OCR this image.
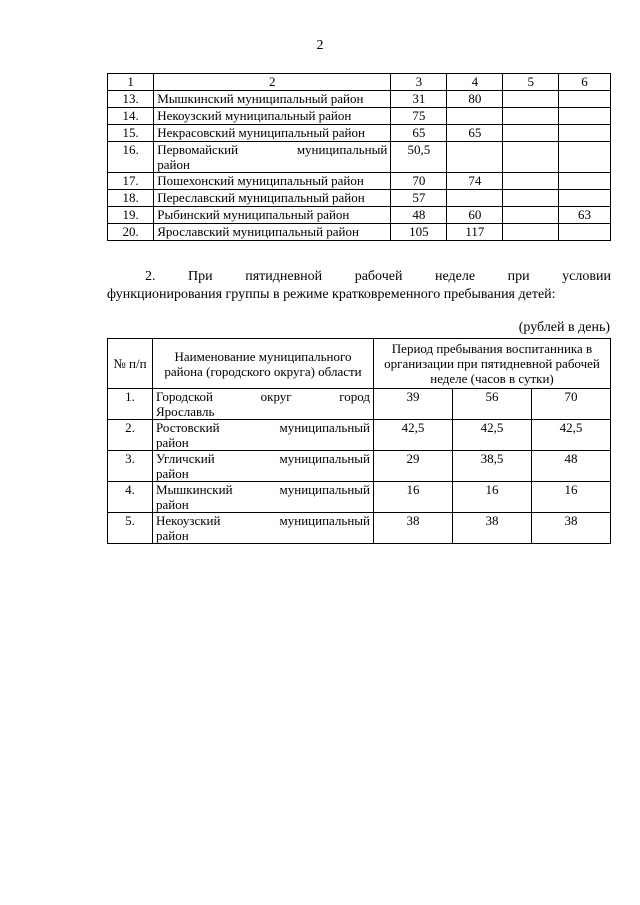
2
1	2	3	4	5	6
13.	Мышкинский муниципальный район	31	80		
14.	Некоузский муниципальный район	75			
15.	Некрасовский муниципальный район	65	65		
16.	Первомайский муниципальный
район	50,5			
17.	Пошехонский муниципальный район	70	74		
18.	Переславский муниципальный район	57			
19.	Рыбинский муниципальный район	48	60		63
20.	Ярославский муниципальный район	105	117		
2. При пятидневной рабочей неделе при условии
функционирования группы в режиме кратковременного пребывания детей:
(рублей в день)
№ п/п	Наименование муниципального района (городского округа) области	Период пребывания воспитанника в организации при пятидневной рабочей неделе (часов в сутки)		
1.	Городской округ город
Ярославль	39	56	70
2.	Ростовский муниципальный
район	42,5	42,5	42,5
3.	Угличский муниципальный
район	29	38,5	48
4.	Мышкинский муниципальный
район	16	16	16
5.	Некоузский муниципальный
район	38	38	38
